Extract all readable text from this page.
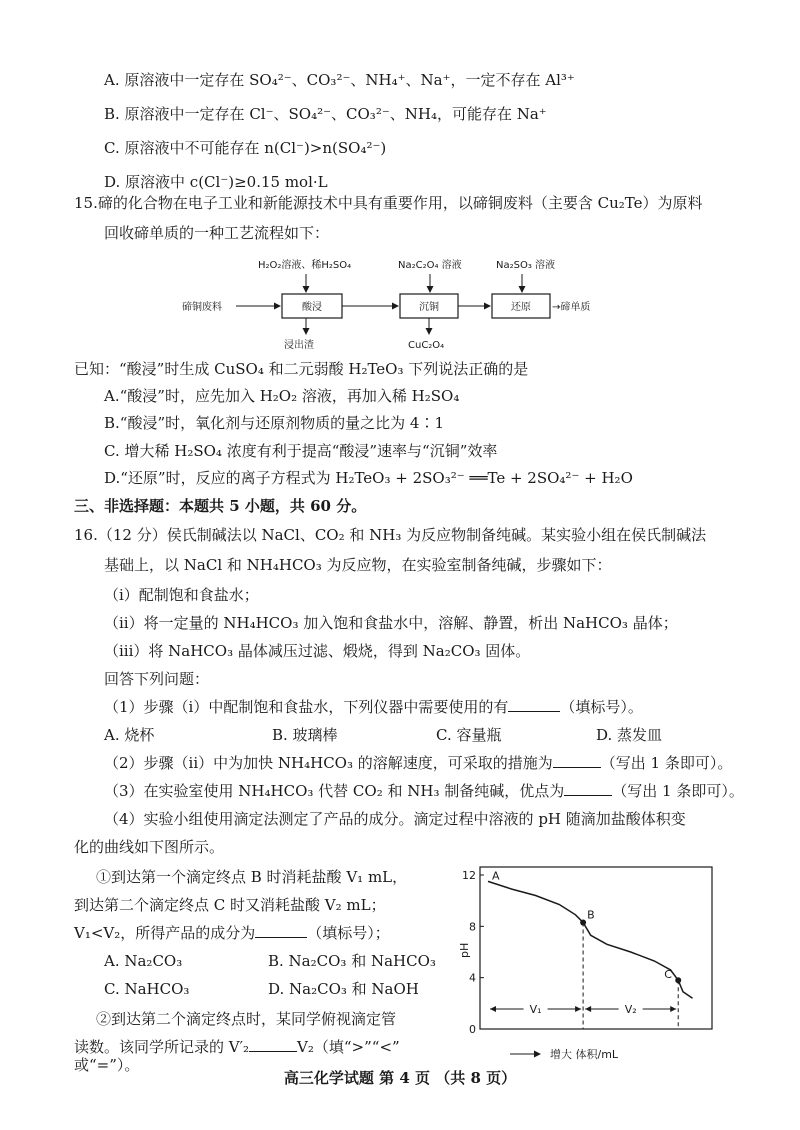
A. 原溶液中一定存在 SO₄²⁻、CO₃²⁻、NH₄⁺、Na⁺，一定不存在 Al³⁺
B. 原溶液中一定存在 Cl⁻、SO₄²⁻、CO₃²⁻、NH₄，可能存在 Na⁺
C. 原溶液中不可能存在 n(Cl⁻)>n(SO₄²⁻)
D. 原溶液中 c(Cl⁻)≥0.15 mol·L
15.碲的化合物在电子工业和新能源技术中具有重要作用，以碲铜废料（主要含 Cu₂Te）为原料
回收碲单质的一种工艺流程如下：
H₂O₂溶液、稀H₂SO₄	Na₂C₂O₄ 溶液	Na₂SO₃ 溶液
碲铜废料	酸浸	沉铜	还原 →碲单质
浸出渣	CuC₂O₄
已知：“酸浸”时生成 CuSO₄ 和二元弱酸 H₂TeO₃ 下列说法正确的是
A.“酸浸”时，应先加入 H₂O₂ 溶液，再加入稀 H₂SO₄
B.“酸浸”时，氧化剂与还原剂物质的量之比为 4∶1
C. 增大稀 H₂SO₄ 浓度有利于提高“酸浸”速率与“沉铜”效率
D.“还原”时，反应的离子方程式为 H₂TeO₃ + 2SO₃²⁻ ══Te + 2SO₄²⁻ + H₂O
三、非选择题：本题共 5 小题，共 60 分。
16.（12 分）侯氏制碱法以 NaCl、CO₂ 和 NH₃ 为反应物制备纯碱。某实验小组在侯氏制碱法
基础上，以 NaCl 和 NH₄HCO₃ 为反应物，在实验室制备纯碱，步骤如下：
（i）配制饱和食盐水；
（ii）将一定量的 NH₄HCO₃ 加入饱和食盐水中，溶解、静置，析出 NaHCO₃ 晶体；
（iii）将 NaHCO₃ 晶体减压过滤、煅烧，得到 Na₂CO₃ 固体。
回答下列问题：
（1）步骤（i）中配制饱和食盐水，下列仪器中需要使用的有	（填标号）。
A. 烧杯	B. 玻璃棒	C. 容量瓶	D. 蒸发皿
（2）步骤（ii）中为加快 NH₄HCO₃ 的溶解速度，可采取的措施为	（写出 1 条即可）。
（3）在实验室使用 NH₄HCO₃ 代替 CO₂ 和 NH₃ 制备纯碱，优点为	（写出 1 条即可）。
（4）实验小组使用滴定法测定了产品的成分。滴定过程中溶液的 pH 随滴加盐酸体积变
化的曲线如下图所示。
①到达第一个滴定终点 B 时消耗盐酸 V₁ mL，
到达第二个滴定终点 C 时又消耗盐酸 V₂ mL；
V₁<V₂，所得产品的成分为	（填标号）；
A. Na₂CO₃	B. Na₂CO₃ 和 NaHCO₃
C. NaHCO₃	D. Na₂CO₃ 和 NaOH
②到达第二个滴定终点时，某同学俯视滴定管
读数。该同学所记录的 V′₂	V₂（填“>”“<”
或“=”）。
0
4
8
12 A
B
C
V₁	V₂
pH
增大 体积/mL
高三化学试题 第 4 页 （共 8 页）
